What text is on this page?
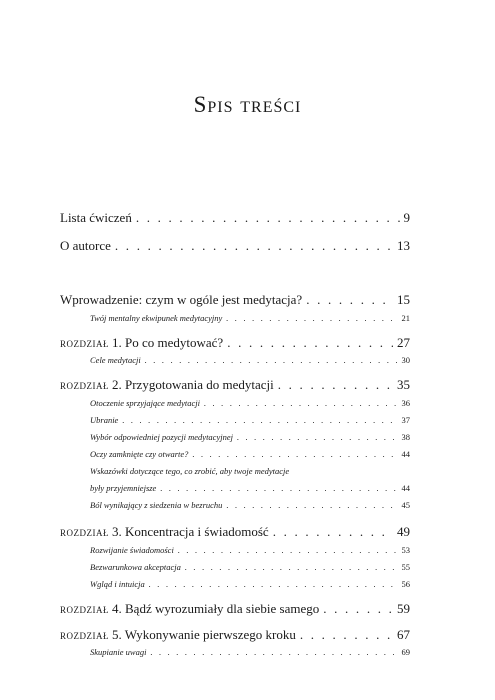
Spis treści
Lista ćwiczeń . . .	9
O autorce . . .	13
Wprowadzenie: czym w ogóle jest medytacja? . . .	15
Twój mentalny ekwipunek medytacyjny . . .	21
rozdział 1. Po co medytować? . . .	27
Cele medytacji . . .	30
rozdział 2. Przygotowania do medytacji . . .	35
Otoczenie sprzyjające medytacji . . .	36
Ubranie . . .	37
Wybór odpowiedniej pozycji medytacyjnej . . .	38
Oczy zamknięte czy otwarte? . . .	44
Wskazówki dotyczące tego, co zrobić, aby twoje medytacje
były przyjemniejsze . . .	44
Ból wynikający z siedzenia w bezruchu . . .	45
rozdział 3. Koncentracja i świadomość . . .	49
Rozwijanie świadomości . . .	53
Bezwarunkowa akceptacja . . .	55
Wgląd i intuicja . . .	56
rozdział 4. Bądź wyrozumiały dla siebie samego . . .	59
rozdział 5. Wykonywanie pierwszego kroku . . .	67
Skupianie uwagi . . .	69
